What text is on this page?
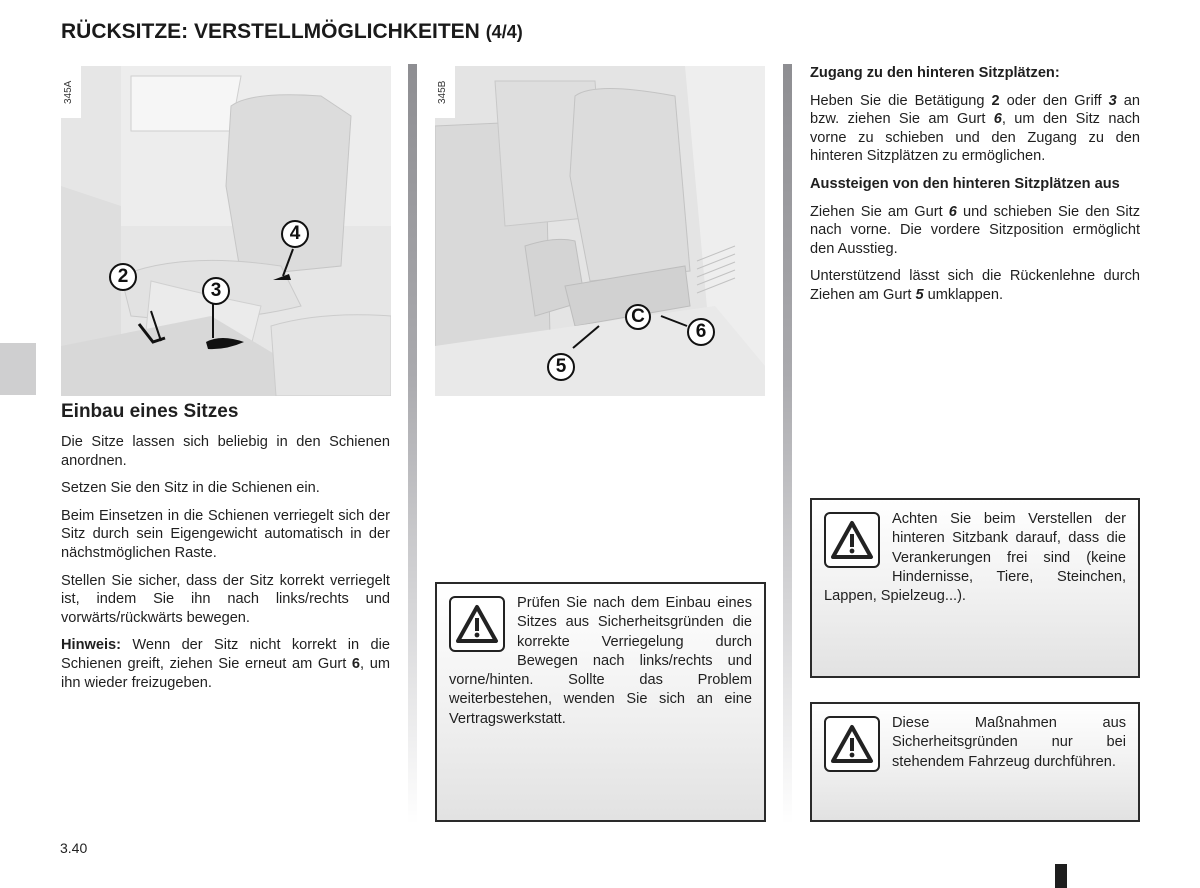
RÜCKSITZE: VERSTELLMÖGLICHKEITEN (4/4)
2
3
4
345A
5
C
6
345B
Einbau eines Sitzes

Die Sitze lassen sich beliebig in den Schienen anordnen.

Setzen Sie den Sitz in die Schienen ein.

Beim Einsetzen in die Schienen verriegelt sich der Sitz durch sein Eigengewicht automatisch in der nächstmöglichen Raste.

Stellen Sie sicher, dass der Sitz korrekt verriegelt ist, indem Sie ihn nach links/rechts und vorwärts/rückwärts bewegen.

Hinweis: Wenn der Sitz nicht korrekt in die Schienen greift, ziehen Sie erneut am Gurt 6, um ihn wieder freizugeben.

Zugang zu den hinteren Sitzplätzen:

Heben Sie die Betätigung 2 oder den Griff 3 an bzw. ziehen Sie am Gurt 6, um den Sitz nach vorne zu schieben und den Zugang zu den hinteren Sitzplätzen zu ermöglichen.

Aussteigen von den hinteren Sitzplätzen aus

Ziehen Sie am Gurt 6 und schieben Sie den Sitz nach vorne. Die vordere Sitzposition ermöglicht den Ausstieg.

Unterstützend lässt sich die Rückenlehne durch Ziehen am Gurt 5 umklappen.

Prüfen Sie nach dem Einbau eines Sitzes aus Sicherheitsgründen die korrekte Verriegelung durch Bewegen nach links/rechts und vorne/hinten. Sollte das Problem weiterbestehen, wenden Sie sich an eine Vertragswerkstatt.
Achten Sie beim Verstellen der hinteren Sitzbank darauf, dass die Verankerungen frei sind (keine Hindernisse, Tiere, Steinchen, Lappen, Spielzeug...).
Diese Maßnahmen aus Sicherheitsgründen nur bei stehendem Fahrzeug durchführen.
3.40
